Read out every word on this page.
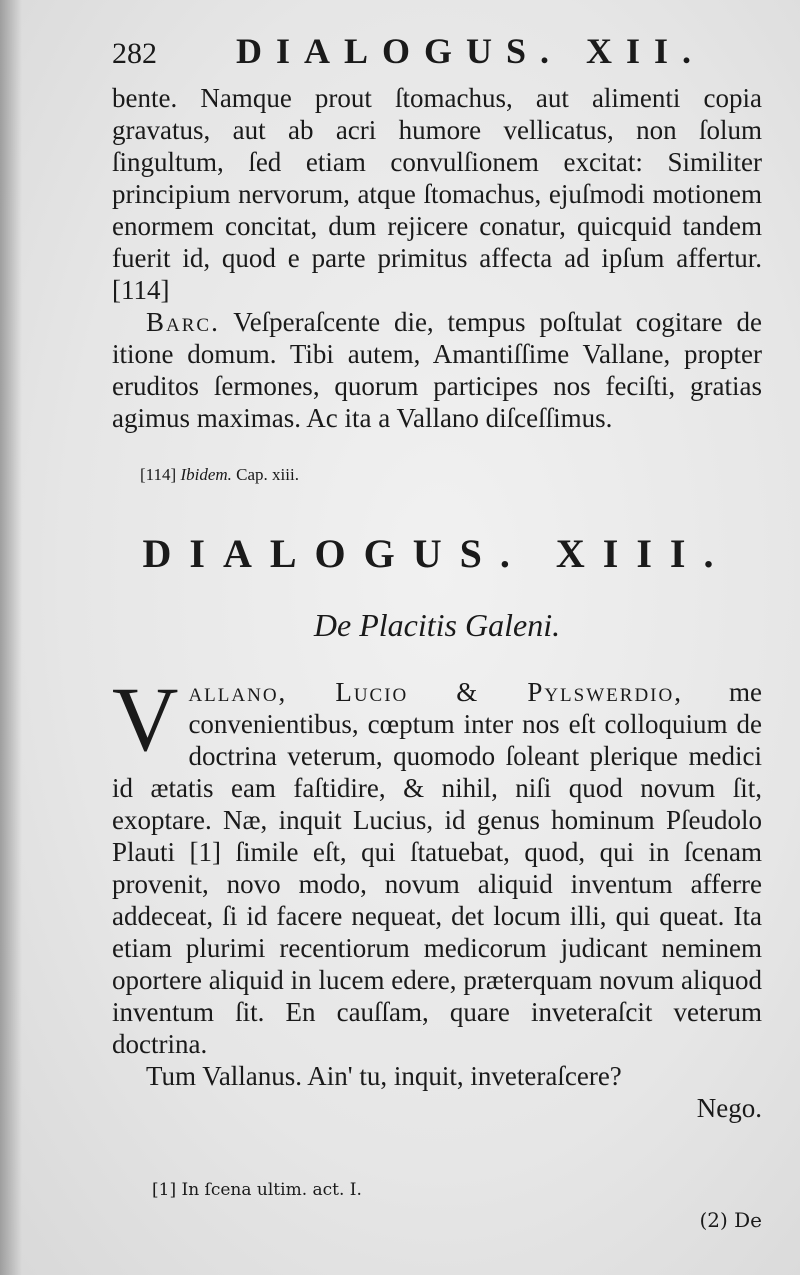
282	DIALOGUS. XII.

bente. Namque prout ſtomachus, aut alimenti copia gravatus, aut ab acri humore vellicatus, non ſolum ſingultum, ſed etiam convulſionem excitat: Similiter principium nervorum, atque ſtomachus, ejuſmodi motionem enormem concitat, dum rejicere conatur, quicquid tandem fuerit id, quod e parte primitus affecta ad ipſum affertur. [114]

Barc. Veſperaſcente die, tempus poſtulat cogitare de itione domum. Tibi autem, Amantiſſime Vallane, propter eruditos ſermones, quorum participes nos feciſti, gratias agimus maximas. Ac ita a Vallano diſceſſimus.

[114] Ibidem. Cap. xiii.
DIALOGUS. XIII.
De Placitis Galeni.

Vallano, Lucio & Pylswerdio, me convenientibus, cœptum inter nos eſt colloquium de doctrina veterum, quomodo ſoleant plerique medici id ætatis eam faſtidire, & nihil, niſi quod novum ſit, exoptare. Næ, inquit Lucius, id genus hominum Pſeudolo Plauti [1] ſimile eſt, qui ſtatuebat, quod, qui in ſcenam provenit, novo modo, novum aliquid inventum afferre addeceat, ſi id facere nequeat, det locum illi, qui queat. Ita etiam plurimi recentiorum medicorum judicant neminem oportere aliquid in lucem edere, præterquam novum aliquod inventum ſit. En cauſſam, quare inveteraſcit veterum doctrina.

Tum Vallanus. Ain' tu, inquit, inveteraſcere?

Nego.

[1] In ſcena ultim. act. I.
(2) De
